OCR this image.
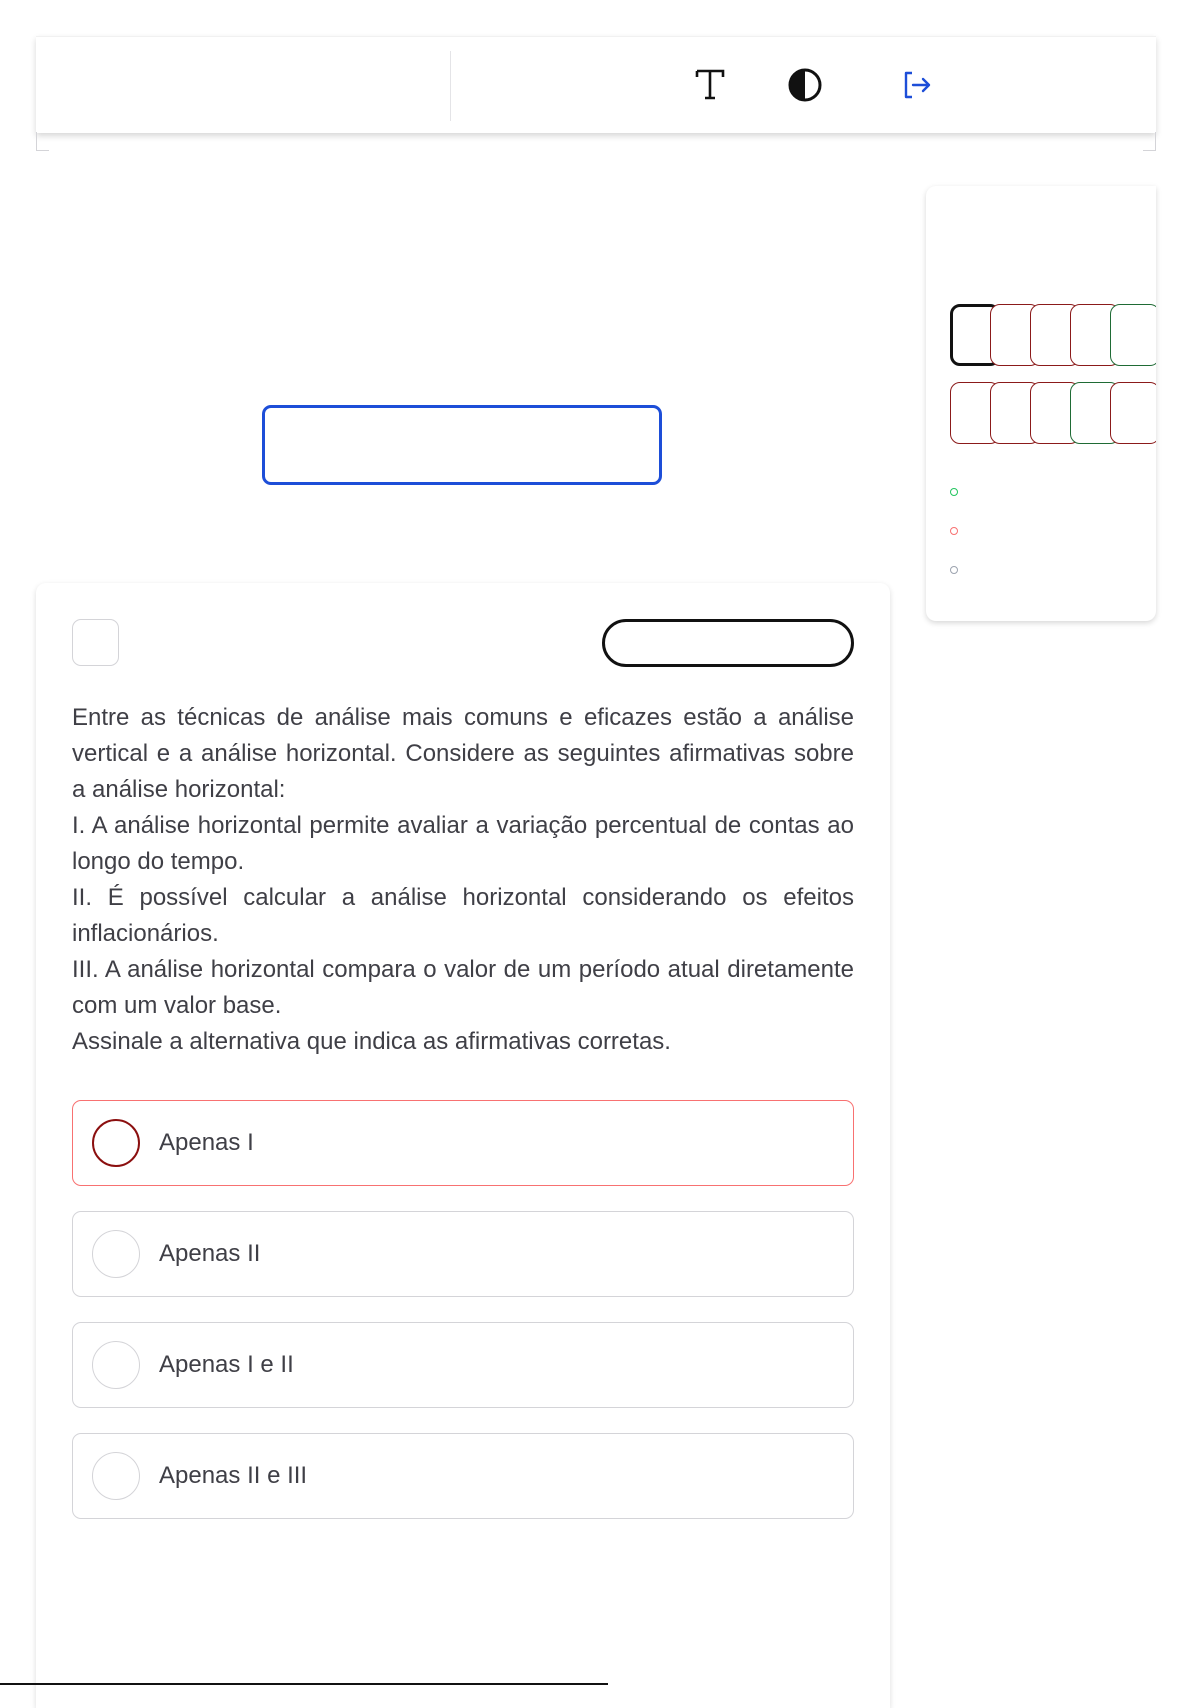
Entre as técnicas de análise mais comuns e eficazes estão a análise vertical e a análise horizontal. Considere as seguintes afirmativas sobre a análise horizontal:

I. A análise horizontal permite avaliar a variação percentual de contas ao longo do tempo.

II. É possível calcular a análise horizontal considerando os efeitos inflacionários.

III. A análise horizontal compara o valor de um período atual diretamente com um valor base.

Assinale a alternativa que indica as afirmativas corretas.

Apenas I
Apenas II
Apenas I e II
Apenas II e III
